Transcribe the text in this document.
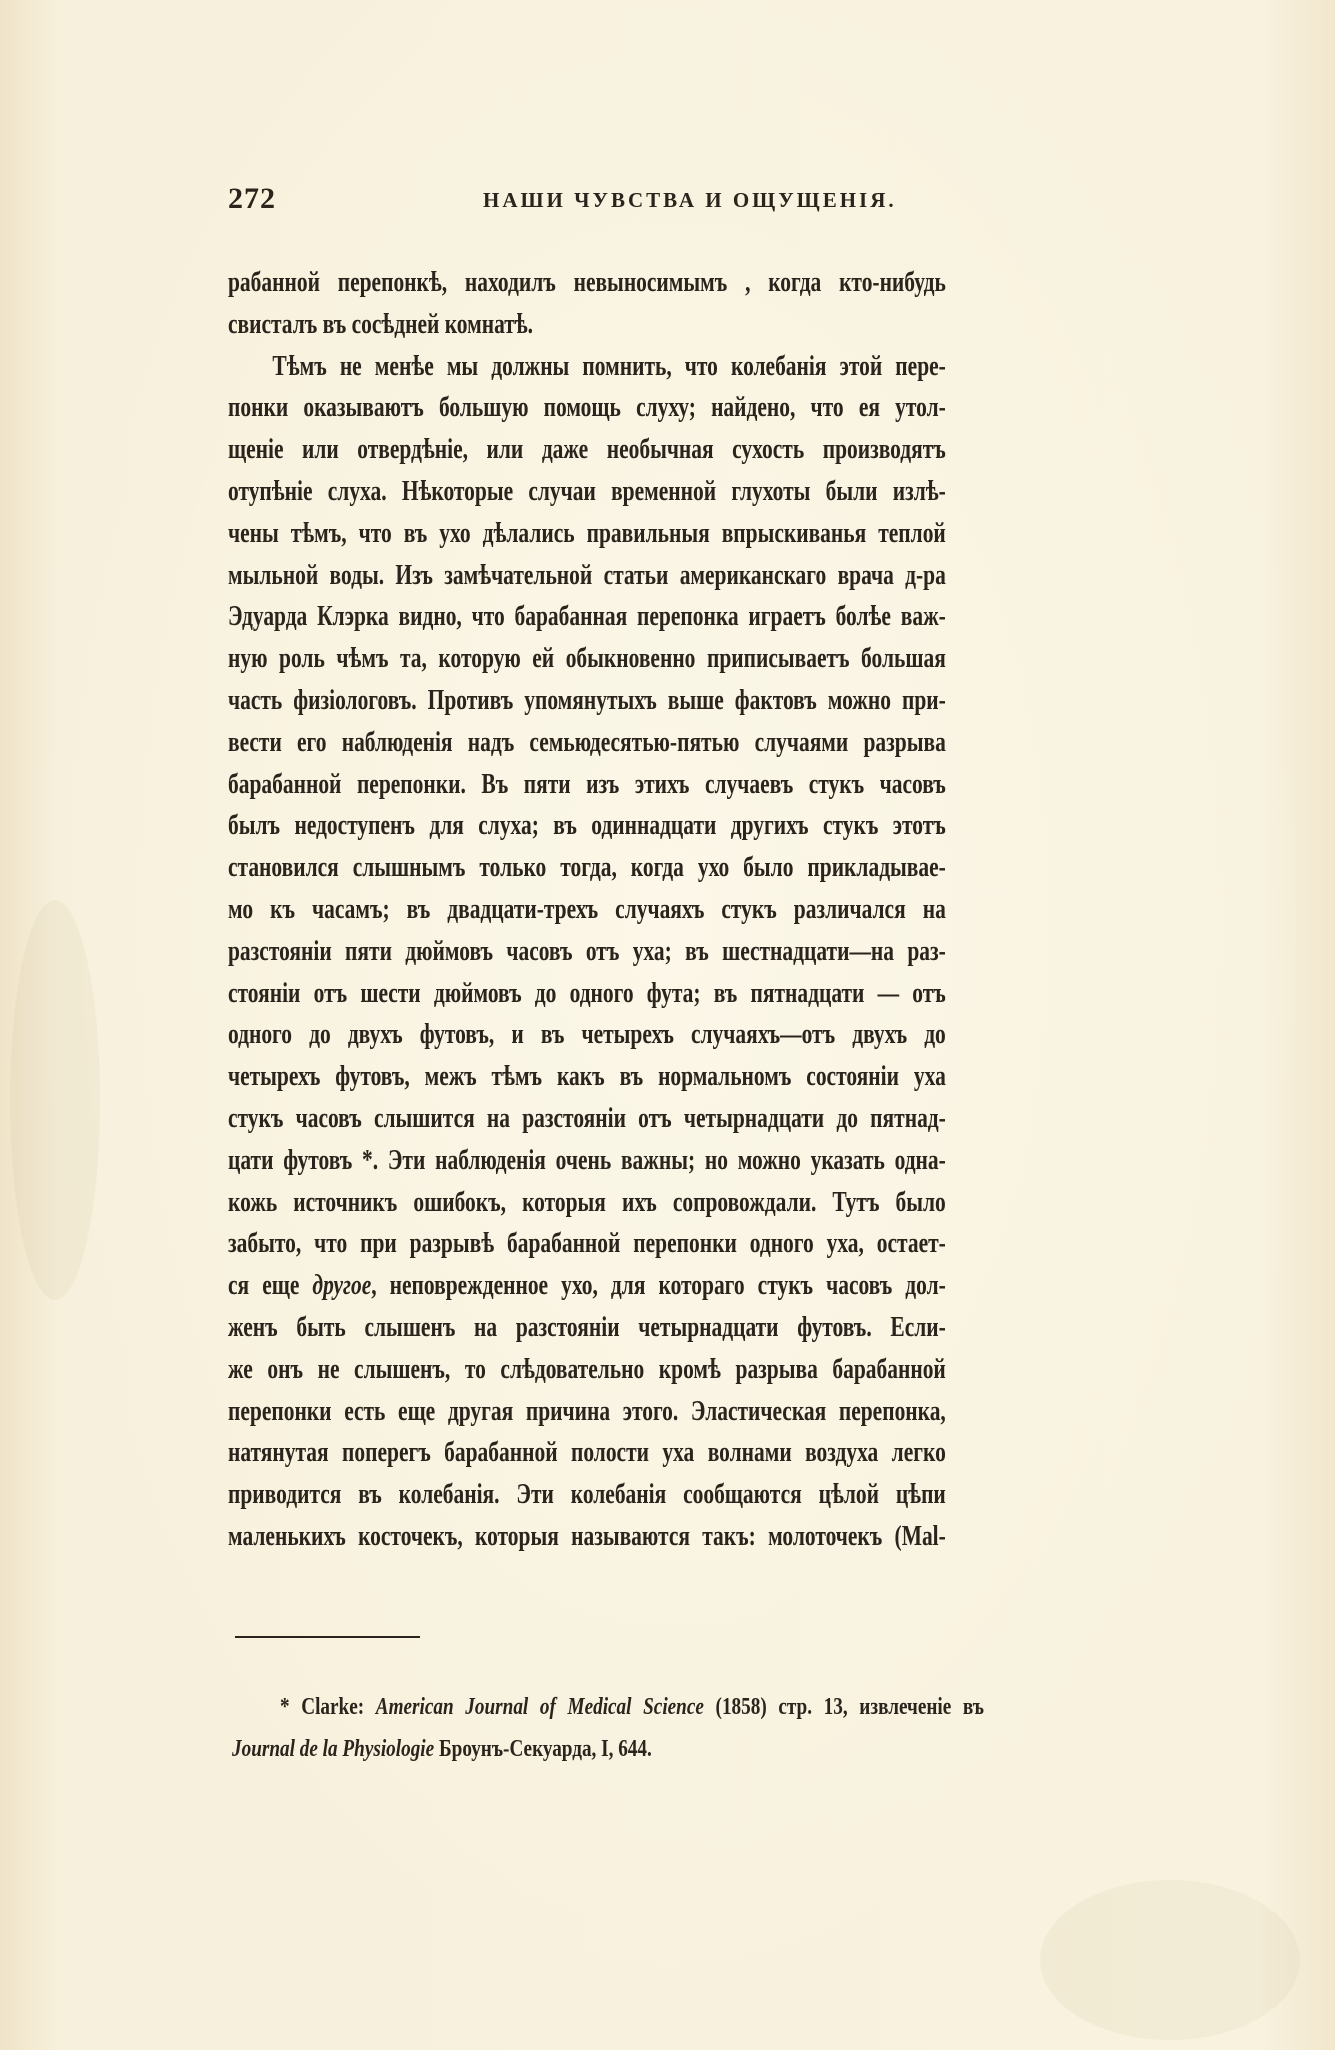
272	НАШИ ЧУВСТВА И ОЩУЩЕНІЯ.
рабанной перепонкѣ, находилъ невыносимымъ , когда кто-нибудь
свисталъ въ сосѣдней комнатѣ.
Тѣмъ не менѣе мы должны помнить, что колебанія этой пере-
понки оказываютъ большую помощь слуху; найдено, что ея утол-
щеніе или отвердѣніе, или даже необычная сухость производятъ
отупѣніе слуха. Нѣкоторые случаи временной глухоты были излѣ-
чены тѣмъ, что въ ухо дѣлались правильныя впрыскиванья теплой
мыльной воды. Изъ замѣчательной статьи американскаго врача д-ра
Эдуарда Клэрка видно, что барабанная перепонка играетъ болѣе важ-
ную роль чѣмъ та, которую ей обыкновенно приписываетъ большая
часть физіологовъ. Противъ упомянутыхъ выше фактовъ можно при-
вести его наблюденія надъ семьюдесятью-пятью случаями разрыва
барабанной перепонки. Въ пяти изъ этихъ случаевъ стукъ часовъ
былъ недоступенъ для слуха; въ одиннадцати другихъ стукъ этотъ
становился слышнымъ только тогда, когда ухо было прикладывае-
мо къ часамъ; въ двадцати-трехъ случаяхъ стукъ различался на
разстояніи пяти дюймовъ часовъ отъ уха; въ шестнадцати—на раз-
стояніи отъ шести дюймовъ до одного фута; въ пятнадцати — отъ
одного до двухъ футовъ, и въ четырехъ случаяхъ—отъ двухъ до
четырехъ футовъ, межъ тѣмъ какъ въ нормальномъ состояніи уха
стукъ часовъ слышится на разстояніи отъ четырнадцати до пятнад-
цати футовъ *. Эти наблюденія очень важны; но можно указать одна-
кожь источникъ ошибокъ, которыя ихъ сопровождали. Тутъ было
забыто, что при разрывѣ барабанной перепонки одного уха, остает-
ся еще другое, неповрежденное ухо, для котораго стукъ часовъ дол-
женъ быть слышенъ на разстояніи четырнадцати футовъ. Если-
же онъ не слышенъ, то слѣдовательно кромѣ разрыва барабанной
перепонки есть еще другая причина этого. Эластическая перепонка,
натянутая поперегъ барабанной полости уха волнами воздуха легко
приводится въ колебанія. Эти колебанія сообщаются цѣлой цѣпи
маленькихъ косточекъ, которыя называются такъ: молоточекъ (Mal-
* Clarke: American Journal of Medical Science (1858) стр. 13, извлеченіе въ
Journal de la Physiologie Броунъ-Секуарда, I, 644.
